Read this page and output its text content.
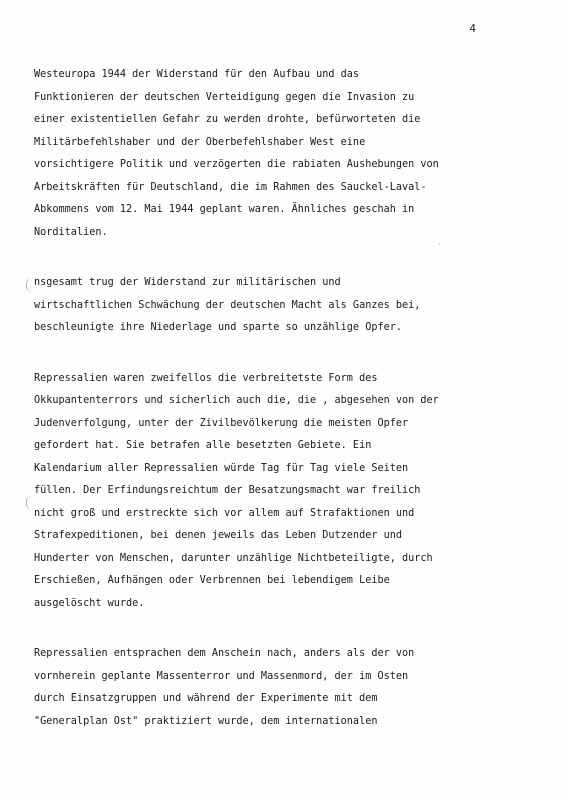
4
Westeuropa 1944 der Widerstand für den Aufbau und das
Funktionieren der deutschen Verteidigung gegen die Invasion zu
einer existentiellen Gefahr zu werden drohte, befürworteten die
Militärbefehlshaber und der Oberbefehlshaber West eine
vorsichtigere Politik und verzögerten die rabiaten Aushebungen von
Arbeitskräften für Deutschland, die im Rahmen des Sauckel-Laval-
Abkommens vom 12. Mai 1944 geplant waren. Ähnliches geschah in
Norditalien.
nsgesamt trug der Widerstand zur militärischen und
wirtschaftlichen Schwächung der deutschen Macht als Ganzes bei,
beschleunigte ihre Niederlage und sparte so unzählige Opfer.
Repressalien waren zweifellos die verbreitetste Form des
Okkupantenterrors und sicherlich auch die, die , abgesehen von der
Judenverfolgung, unter der Zivilbevölkerung die meisten Opfer
gefordert hat. Sie betrafen alle besetzten Gebiete. Ein
Kalendarium aller Repressalien würde Tag für Tag viele Seiten
füllen. Der Erfindungsreichtum der Besatzungsmacht war freilich
nicht groß und erstreckte sich vor allem auf Strafaktionen und
Strafexpeditionen, bei denen jeweils das Leben Dutzender und
Hunderter von Menschen, darunter unzählige Nichtbeteiligte, durch
Erschießen, Aufhängen oder Verbrennen bei lebendigem Leibe
ausgelöscht wurde.
Repressalien entsprachen dem Anschein nach, anders als der von
vornherein geplante Massenterror und Massenmord, der im Osten
durch Einsatzgruppen und während der Experimente mit dem
"Generalplan Ost" praktiziert wurde, dem internationalen
·
